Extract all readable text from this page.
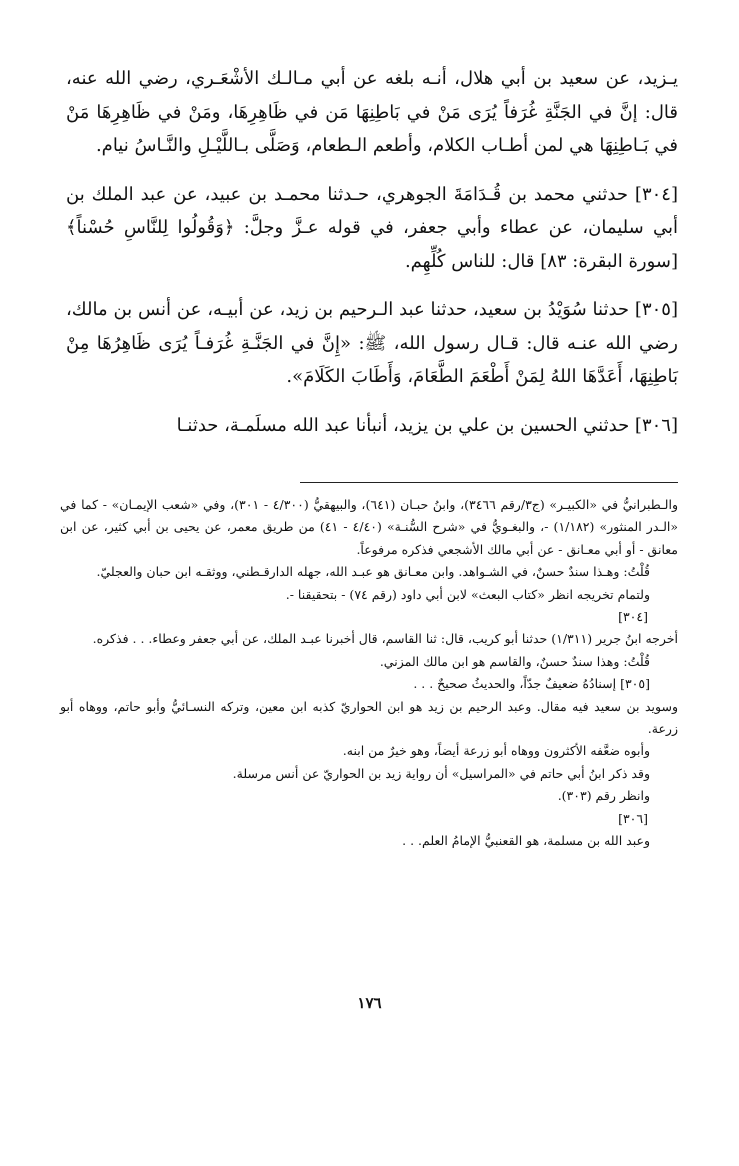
يـزيد، عن سعيد بن أبي هلال، أنـه بلغه عن أبي مـالـك الأشْعَـري، رضي الله عنه، قال: إنَّ في الجَنَّةِ غُرَفاً يُرَى مَنْ في بَاطِنِهَا مَن في ظَاهِرِهَا، ومَنْ في ظَاهِرِهَا مَنْ في بَـاطِنِهَا هي لمن أطـاب الكلام، وأطعم الـطعام، وَصَلَّى بـاللَّيْـلِ والنَّـاسُ نيام.

[٣٠٤] حدثني محمد بن قُـدَامَةَ الجوهري، حـدثنا محمـد بن عبيد، عن عبد الملك بن أبي سليمان، عن عطاء وأبي جعفر، في قوله عـزَّ وجلَّ: ﴿وَقُولُوا لِلنَّاسِ حُسْناً﴾ [سورة البقرة: ٨٣] قال: للناس كُلِّهِم.

[٣٠٥] حدثنا سُوَيْدُ بن سعيد، حدثنا عبد الـرحيم بن زيد، عن أبيـه، عن أنس بن مالك، رضي الله عنـه قال: قـال رسول الله، ﷺ: «إِنَّ في الجَنَّـةِ غُرَفـاً يُرَى ظَاهِرُهَا مِنْ بَاطِنِهَا، أَعَدَّهَا اللهُ لِمَنْ أَطْعَمَ الطَّعَامَ، وَأَطَابَ الكَلَامَ».

[٣٠٦] حدثني الحسين بن علي بن يزيد، أنبأنا عبد الله مسلَمـة، حدثنـا

والـطبرانيُّ في «الكبيـر» (ج٣/رقم ٣٤٦٦)، وابنُ حبـان (٦٤١)، والبيهقيُّ (٤/٣٠٠ - ٣٠١)، وفي «شعب الإيمـان» - كما في «الـدر المنثور» (١/١٨٢) -، والبغـويُّ في «شرح السُّنـة» (٤/٤٠ - ٤١) من طريق معمر، عن يحيى بن أبي كثير، عن ابن معانق - أو أبي معـانق - عن أبي مالك الأشجعي فذكره مرفوعاً.

قُلْتُ: وهـذا سندٌ حسنٌ، في الشـواهد. وابن معـانق هو عبـد الله، جهله الدارقـطني، ووثقـه ابن حبان والعجليّ.

ولتمام تخريجه انظر «كتاب البعث» لابن أبي داود (رقم ٧٤) - بتحقيقنا -.

[٣٠٤]

أخرجه ابنُ جرير (١/٣١١) حدثنا أبو كريب، قال: ثنا القاسم، قال أخبرنا عبـد الملك، عن أبي جعفر وعطاء. . . فذكره.

قُلْتُ: وهذا سندٌ حسنٌ، والقاسم هو ابن مالك المزني.

[٣٠٥] إسنادُهُ ضعيفٌ جدّاً، والحديثُ صحيحٌ . . .

وسويد بن سعيد فيه مقال. وعبد الرحيم بن زيد هو ابن الحواريّ كذبه ابن معين، وتركه النسـائيُّ وأبو حاتم، ووهاه أبو زرعة.

وأبوه ضعَّفه الأكثرون ووهاه أبو زرعة أيضاً، وهو خيرٌ من ابنه.

وقد ذكر ابنُ أبي حاتم في «المراسيل» أن رواية زيد بن الحواريّ عن أنس مرسلة.

وانظر رقم (٣٠٣).

[٣٠٦]

وعبد الله بن مسلمة، هو القعنبيُّ الإمامُ العلم. . .

١٧٦
